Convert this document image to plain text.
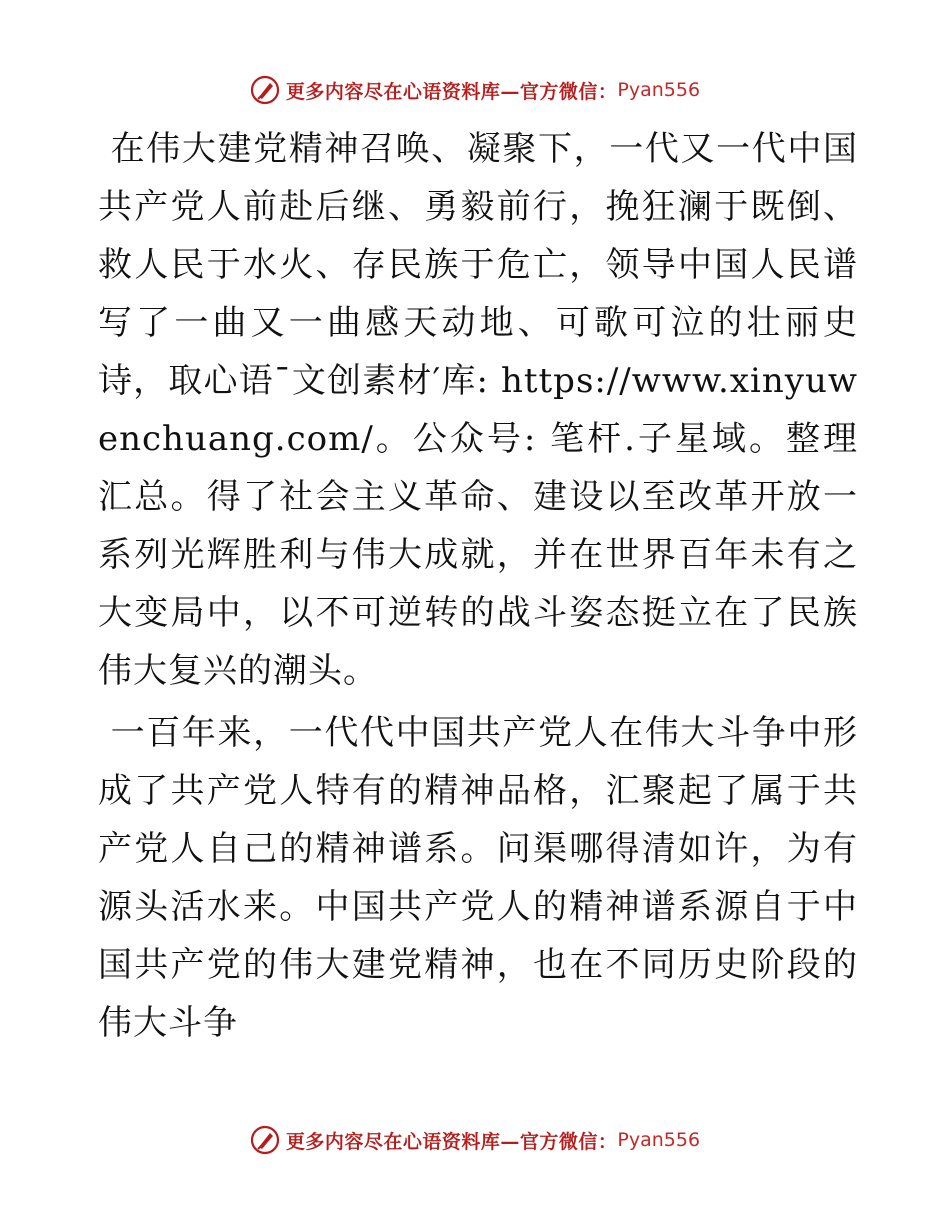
更多内容尽在心语资料库—官方微信： Pyan556

在伟大建党精神召唤、凝聚下，一代又一代中国共产党人前赴后继、勇毅前行，挽狂澜于既倒、救人民于水火、存民族于危亡，领导中国人民谱写了一曲又一曲感天动地、可歌可泣的壮丽史诗，取心语¯文创素材′库: https://www.xinyuwenchuang.com/。公众号: 笔杆.子星域。整理汇总。得了社会主义革命、建设以至改革开放一系列光辉胜利与伟大成就，并在世界百年未有之大变局中，以不可逆转的战斗姿态挺立在了民族伟大复兴的潮头。

一百年来，一代代中国共产党人在伟大斗争中形成了共产党人特有的精神品格，汇聚起了属于共产党人自己的精神谱系。问渠哪得清如许，为有源头活水来。中国共产党人的精神谱系源自于中国共产党的伟大建党精神，也在不同历史阶段的伟大斗争

更多内容尽在心语资料库—官方微信： Pyan556
